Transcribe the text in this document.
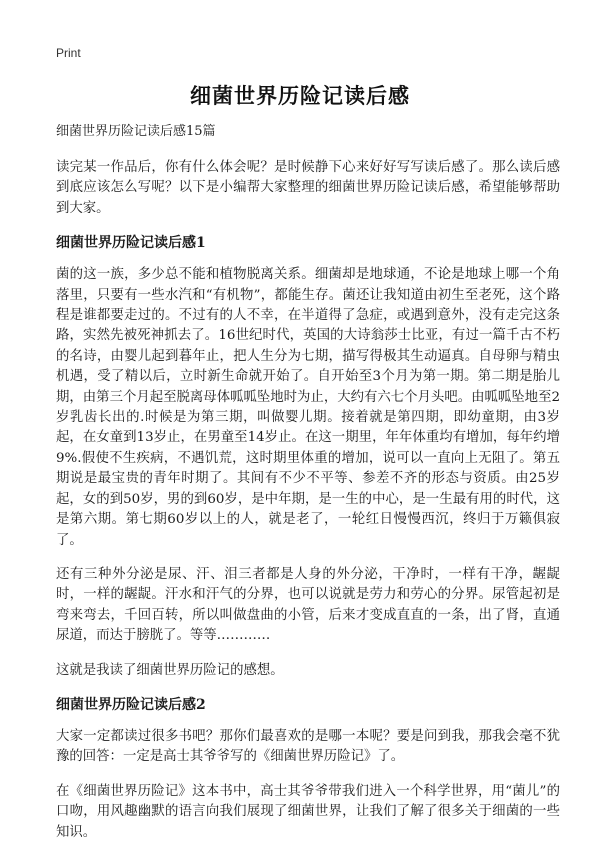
Print
细菌世界历险记读后感
细菌世界历险记读后感15篇

读完某一作品后，你有什么体会呢？是时候静下心来好好写写读后感了。那么读后感到底应该怎么写呢？以下是小编帮大家整理的细菌世界历险记读后感，希望能够帮助到大家。

细菌世界历险记读后感1

菌的这一族，多少总不能和植物脱离关系。细菌却是地球通，不论是地球上哪一个角落里，只要有一些水汽和“有机物”，都能生存。菌还让我知道由初生至老死，这个路程是谁都要走过的。不过有的人不幸，在半道得了急症，或遇到意外，没有走完这条路，实然先被死神抓去了。16世纪时代，英国的大诗翁莎士比亚，有过一篇千古不朽的名诗，由婴儿起到暮年止，把人生分为七期，描写得极其生动逼真。自母卵与精虫机遇，受了精以后，立时新生命就开始了。自开始至3个月为第一期。第二期是胎儿期，由第三个月起至脱离母体呱呱坠地时为止，大约有六七个月头吧。由呱呱坠地至2岁乳齿长出的.时候是为第三期，叫做婴儿期。接着就是第四期，即幼童期，由3岁起，在女童到13岁止，在男童至14岁止。在这一期里，年年体重均有增加，每年约增9%.假使不生疾病，不遇饥荒，这时期里体重的增加，说可以一直向上无阻了。第五期说是最宝贵的青年时期了。其间有不少不平等、参差不齐的形态与资质。由25岁起，女的到50岁，男的到60岁，是中年期，是一生的中心，是一生最有用的时代，这是第六期。第七期60岁以上的人，就是老了，一轮红日慢慢西沉，终归于万籁俱寂了。

还有三种外分泌是尿、汗、泪三者都是人身的外分泌，干净时，一样有干净，龌龊时，一样的龌龊。汗水和汗气的分界，也可以说就是劳力和劳心的分界。尿管起初是弯来弯去，千回百转，所以叫做盘曲的小管，后来才变成直直的一条，出了肾，直通尿道，而达于膀胱了。等等…………

这就是我读了细菌世界历险记的感想。

细菌世界历险记读后感2

大家一定都读过很多书吧？那你们最喜欢的是哪一本呢？要是问到我，那我会毫不犹豫的回答：一定是高士其爷爷写的《细菌世界历险记》了。

在《细菌世界历险记》这本书中，高士其爷爷带我们进入一个科学世界，用“菌儿”的口吻，用风趣幽默的语言向我们展现了细菌世界，让我们了解了很多关于细菌的一些知识。
